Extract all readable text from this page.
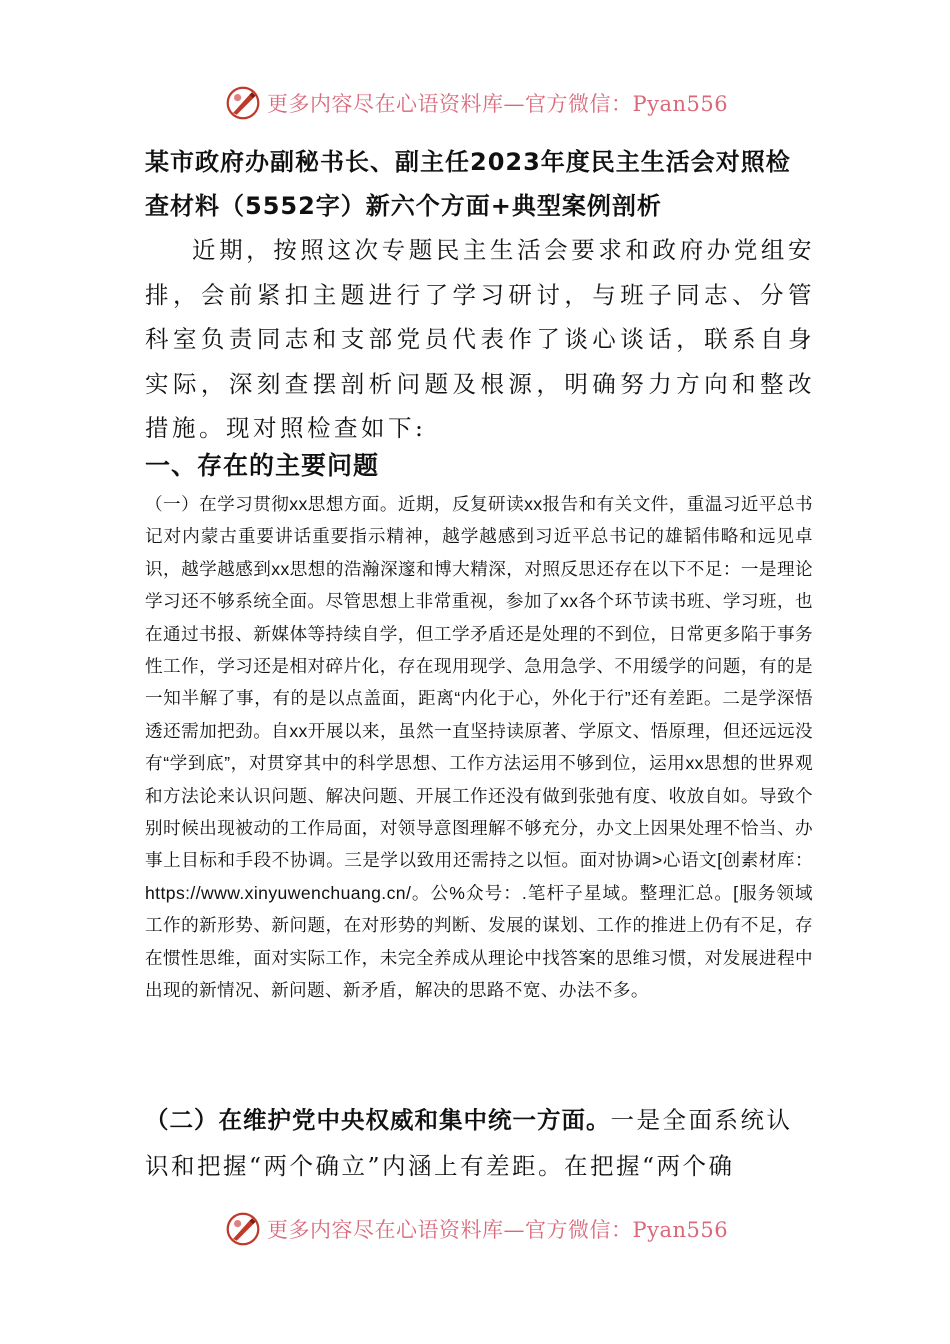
更多内容尽在心语资料库—官方微信：Pyan556
某市政府办副秘书长、副主任2023年度民主生活会对照检查材料（5552字）新六个方面+典型案例剖析

近期，按照这次专题民主生活会要求和政府办党组安排，会前紧扣主题进行了学习研讨，与班子同志、分管科室负责同志和支部党员代表作了谈心谈话，联系自身实际，深刻查摆剖析问题及根源，明确努力方向和整改措施。现对照检查如下:

一、存在的主要问题

（一）在学习贯彻xx思想方面。近期，反复研读xx报告和有关文件，重温习近平总书记对内蒙古重要讲话重要指示精神，越学越感到习近平总书记的雄韬伟略和远见卓识，越学越感到xx思想的浩瀚深邃和博大精深，对照反思还存在以下不足：一是理论学习还不够系统全面。尽管思想上非常重视，参加了xx各个环节读书班、学习班，也在通过书报、新媒体等持续自学，但工学矛盾还是处理的不到位，日常更多陷于事务性工作，学习还是相对碎片化，存在现用现学、急用急学、不用缓学的问题，有的是一知半解了事，有的是以点盖面，距离“内化于心，外化于行”还有差距。二是学深悟透还需加把劲。自xx开展以来，虽然一直坚持读原著、学原文、悟原理，但还远远没有“学到底”，对贯穿其中的科学思想、工作方法运用不够到位，运用xx思想的世界观和方法论来认识问题、解决问题、开展工作还没有做到张弛有度、收放自如。导致个别时候出现被动的工作局面，对领导意图理解不够充分，办文上因果处理不恰当、办事上目标和手段不协调。三是学以致用还需持之以恒。面对协调>心语文[创素材库：https://www.xinyuwenchuang.cn/。公%众号：.笔杆子星域。整理汇总。[服务领域工作的新形势、新问题，在对形势的判断、发展的谋划、工作的推进上仍有不足，存在惯性思维，面对实际工作，未完全养成从理论中找答案的思维习惯，对发展进程中出现的新情况、新问题、新矛盾，解决的思路不宽、办法不多。

（二）在维护党中央权威和集中统一方面。一是全面系统认识和把握“两个确立”内涵上有差距。在把握“两个确

更多内容尽在心语资料库—官方微信：Pyan556
